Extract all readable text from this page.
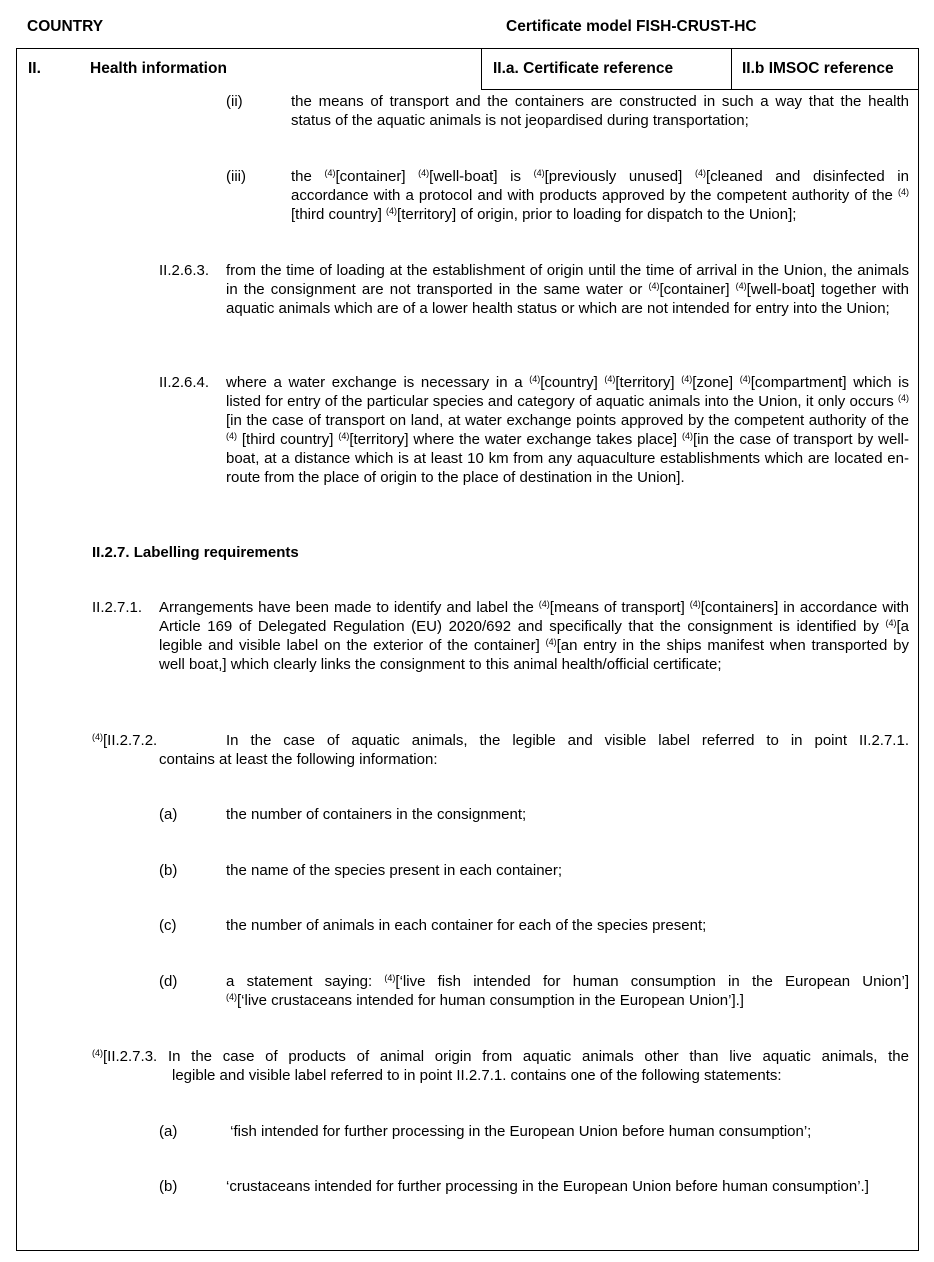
COUNTRY	Certificate model FISH-CRUST-HC
II.	Health information	II.a. Certificate reference	II.b IMSOC reference
(ii)	the means of transport and the containers are constructed in such a way that the health status of the aquatic animals is not jeopardised during transportation;
(iii)	the $^{(4)}$[container] $^{(4)}$[well-boat] is $^{(4)}$[previously unused] $^{(4)}$[cleaned and disinfected in accordance with a protocol and with products approved by the competent authority of the $^{(4)}$[third country] $^{(4)}$[territory] of origin, prior to loading for dispatch to the Union];
II.2.6.3. from the time of loading at the establishment of origin until the time of arrival in the Union, the animals in the consignment are not transported in the same water or $^{(4)}$[container] $^{(4)}$[well-boat] together with aquatic animals which are of a lower health status or which are not intended for entry into the Union;
II.2.6.4. where a water exchange is necessary in a $^{(4)}$[country] $^{(4)}$[territory] $^{(4)}$[zone] $^{(4)}$[compartment] which is listed for entry of the particular species and category of aquatic animals into the Union, it only occurs $^{(4)}$[in the case of transport on land, at water exchange points approved by the competent authority of the $^{(4)}$ [third country] $^{(4)}$[territory] where the water exchange takes place] $^{(4)}$[in the case of transport by well-boat, at a distance which is at least 10 km from any aquaculture establishments which are located en-route from the place of origin to the place of destination in the Union].
II.2.7. Labelling requirements
II.2.7.1. Arrangements have been made to identify and label the $^{(4)}$[means of transport] $^{(4)}$[containers] in accordance with Article 169 of Delegated Regulation (EU) 2020/692 and specifically that the consignment is identified by $^{(4)}$[a legible and visible label on the exterior of the container] $^{(4)}$[an entry in the ships manifest when transported by well boat,] which clearly links the consignment to this animal health/official certificate;
$^{(4)}$[II.2.7.2.	In the case of aquatic animals, the legible and visible label referred to in point II.2.7.1.
contains at least the following information:
(a)	the number of containers in the consignment;
(b)	the name of the species present in each container;
(c)	the number of animals in each container for each of the species present;
(d)	a statement saying: $^{(4)}$[‘live fish intended for human consumption in the European Union’]
$^{(4)}$[‘live crustaceans intended for human consumption in the European Union’].]
$^{(4)}$[II.2.7.3. In the case of products of animal origin from aquatic animals other than live aquatic animals, the
legible and visible label referred to in point II.2.7.1. contains one of the following statements:
(a)	‘fish intended for further processing in the European Union before human consumption’;
(b)	‘crustaceans intended for further processing in the European Union before human consumption’.]
